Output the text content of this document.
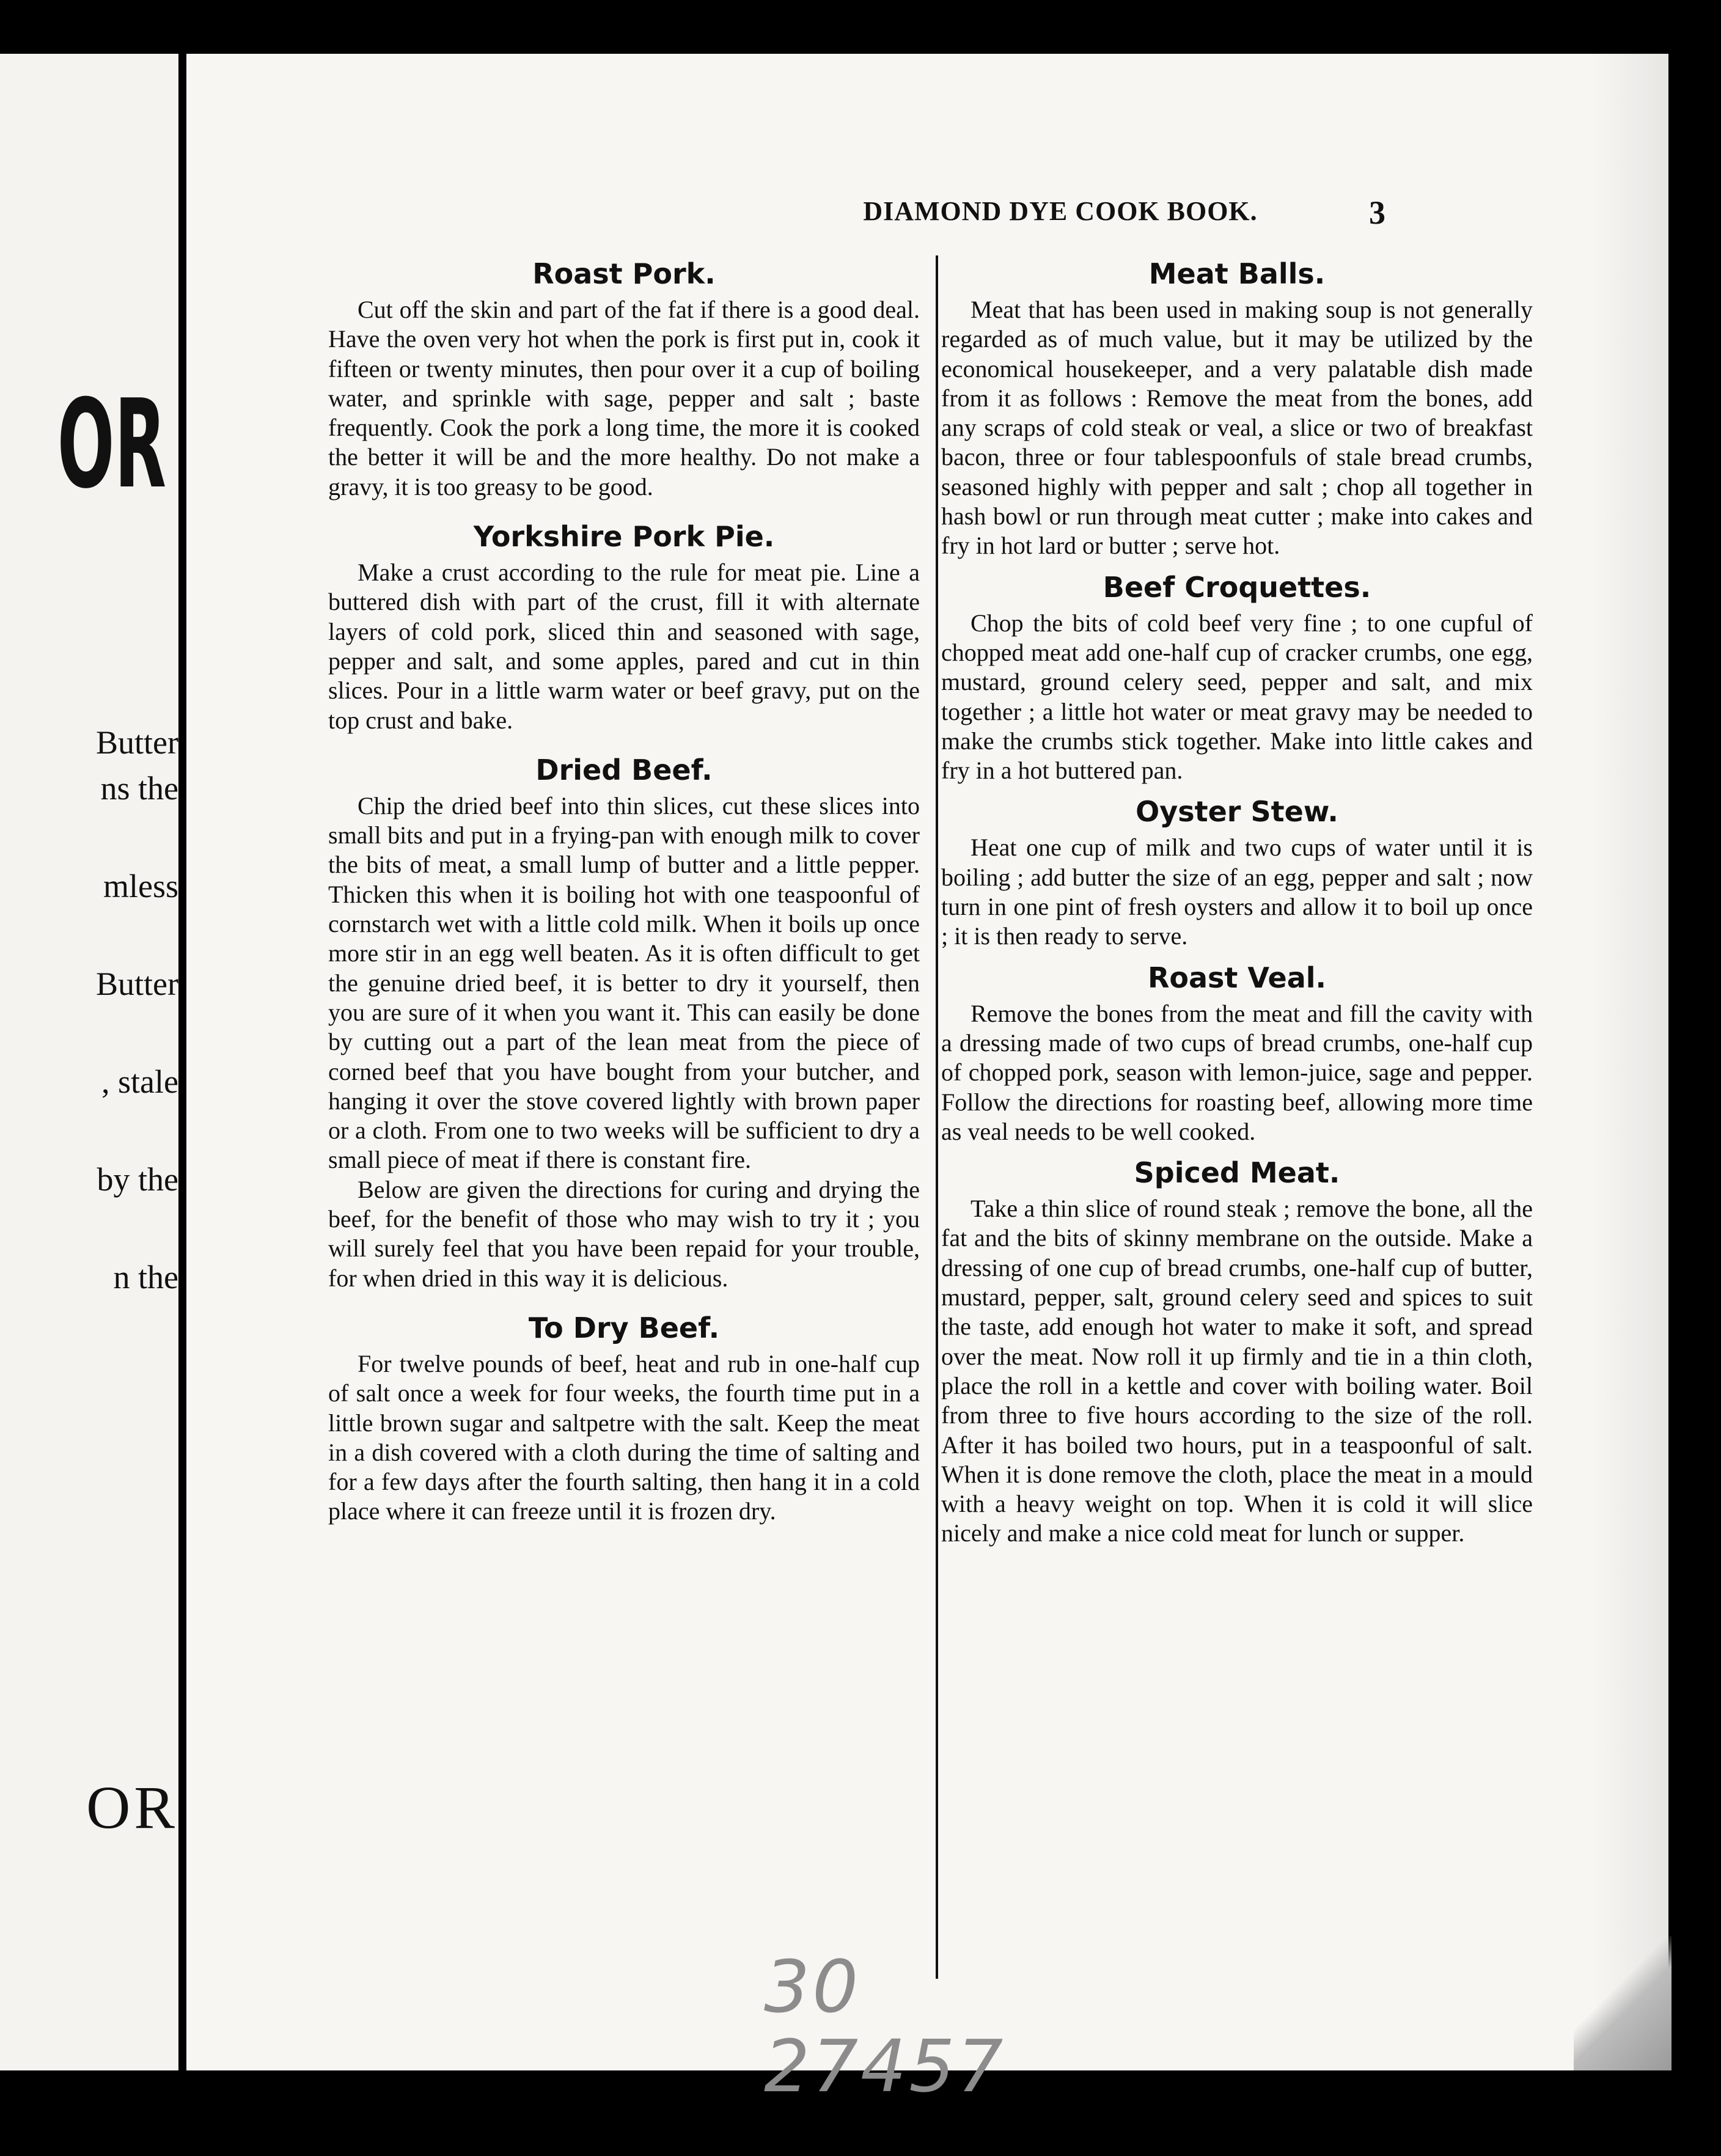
OR

Butter

ns the

mless

Butter

, stale

by the

n the

OR

DIAMOND DYE COOK BOOK.	3
Roast Pork.

Cut off the skin and part of the fat if there is a good deal. Have the oven very hot when the pork is first put in, cook it fifteen or twenty minutes, then pour over it a cup of boiling water, and sprinkle with sage, pepper and salt ; baste frequently. Cook the pork a long time, the more it is cooked the better it will be and the more healthy. Do not make a gravy, it is too greasy to be good.

Yorkshire Pork Pie.

Make a crust according to the rule for meat pie. Line a buttered dish with part of the crust, fill it with alternate layers of cold pork, sliced thin and seasoned with sage, pepper and salt, and some apples, pared and cut in thin slices. Pour in a little warm water or beef gravy, put on the top crust and bake.

Dried Beef.

Chip the dried beef into thin slices, cut these slices into small bits and put in a frying-pan with enough milk to cover the bits of meat, a small lump of butter and a little pepper. Thicken this when it is boiling hot with one teaspoonful of cornstarch wet with a little cold milk. When it boils up once more stir in an egg well beaten. As it is often difficult to get the genuine dried beef, it is better to dry it yourself, then you are sure of it when you want it. This can easily be done by cutting out a part of the lean meat from the piece of corned beef that you have bought from your butcher, and hanging it over the stove covered lightly with brown paper or a cloth. From one to two weeks will be sufficient to dry a small piece of meat if there is constant fire.

Below are given the directions for curing and drying the beef, for the benefit of those who may wish to try it ; you will surely feel that you have been repaid for your trouble, for when dried in this way it is delicious.

To Dry Beef.

For twelve pounds of beef, heat and rub in one-half cup of salt once a week for four weeks, the fourth time put in a little brown sugar and saltpetre with the salt. Keep the meat in a dish covered with a cloth during the time of salting and for a few days after the fourth salting, then hang it in a cold place where it can freeze until it is frozen dry.

Meat Balls.

Meat that has been used in making soup is not generally regarded as of much value, but it may be utilized by the economical housekeeper, and a very palatable dish made from it as follows : Remove the meat from the bones, add any scraps of cold steak or veal, a slice or two of breakfast bacon, three or four tablespoonfuls of stale bread crumbs, seasoned highly with pepper and salt ; chop all together in hash bowl or run through meat cutter ; make into cakes and fry in hot lard or butter ; serve hot.

Beef Croquettes.

Chop the bits of cold beef very fine ; to one cupful of chopped meat add one-half cup of cracker crumbs, one egg, mustard, ground celery seed, pepper and salt, and mix together ; a little hot water or meat gravy may be needed to make the crumbs stick together. Make into little cakes and fry in a hot buttered pan.

Oyster Stew.

Heat one cup of milk and two cups of water until it is boiling ; add butter the size of an egg, pepper and salt ; now turn in one pint of fresh oysters and allow it to boil up once ; it is then ready to serve.

Roast Veal.

Remove the bones from the meat and fill the cavity with a dressing made of two cups of bread crumbs, one-half cup of chopped pork, season with lemon-juice, sage and pepper. Follow the directions for roasting beef, allowing more time as veal needs to be well cooked.

Spiced Meat.

Take a thin slice of round steak ; remove the bone, all the fat and the bits of skinny membrane on the outside. Make a dressing of one cup of bread crumbs, one-half cup of butter, mustard, pepper, salt, ground celery seed and spices to suit the taste, add enough hot water to make it soft, and spread over the meat. Now roll it up firmly and tie in a thin cloth, place the roll in a kettle and cover with boiling water. Boil from three to five hours according to the size of the roll. After it has boiled two hours, put in a teaspoonful of salt. When it is done remove the cloth, place the meat in a mould with a heavy weight on top. When it is cold it will slice nicely and make a nice cold meat for lunch or supper.

30 27457
